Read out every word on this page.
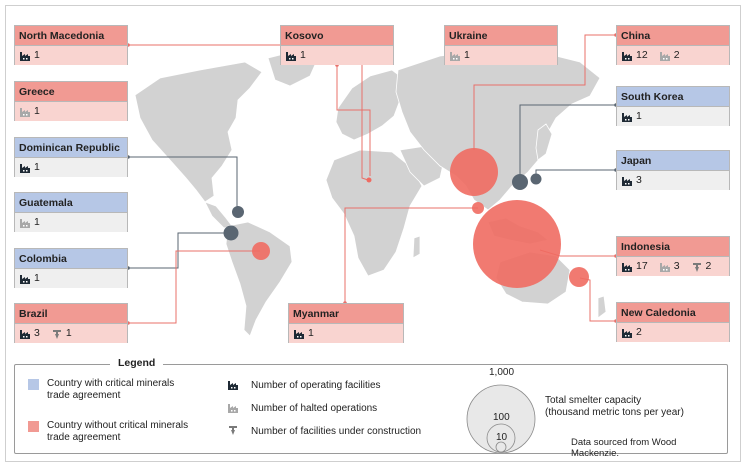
North Macedonia
1
Greece
1
Dominican Republic
1
Guatemala
1
Colombia
1
Brazil
3 1
Kosovo
1
Ukraine
1
Myanmar
1
China
12 2
South Korea
1
Japan
3
Indonesia
17 3 2
New Caledonia
2
Legend
Country with critical minerals trade agreement
Country without critical minerals trade agreement
Number of operating facilities
Number of halted operations
Number of facilities under construction
1,000
100
10
Total smelter capacity
(thousand metric tons per year)
Data sourced from Wood Mackenzie.
